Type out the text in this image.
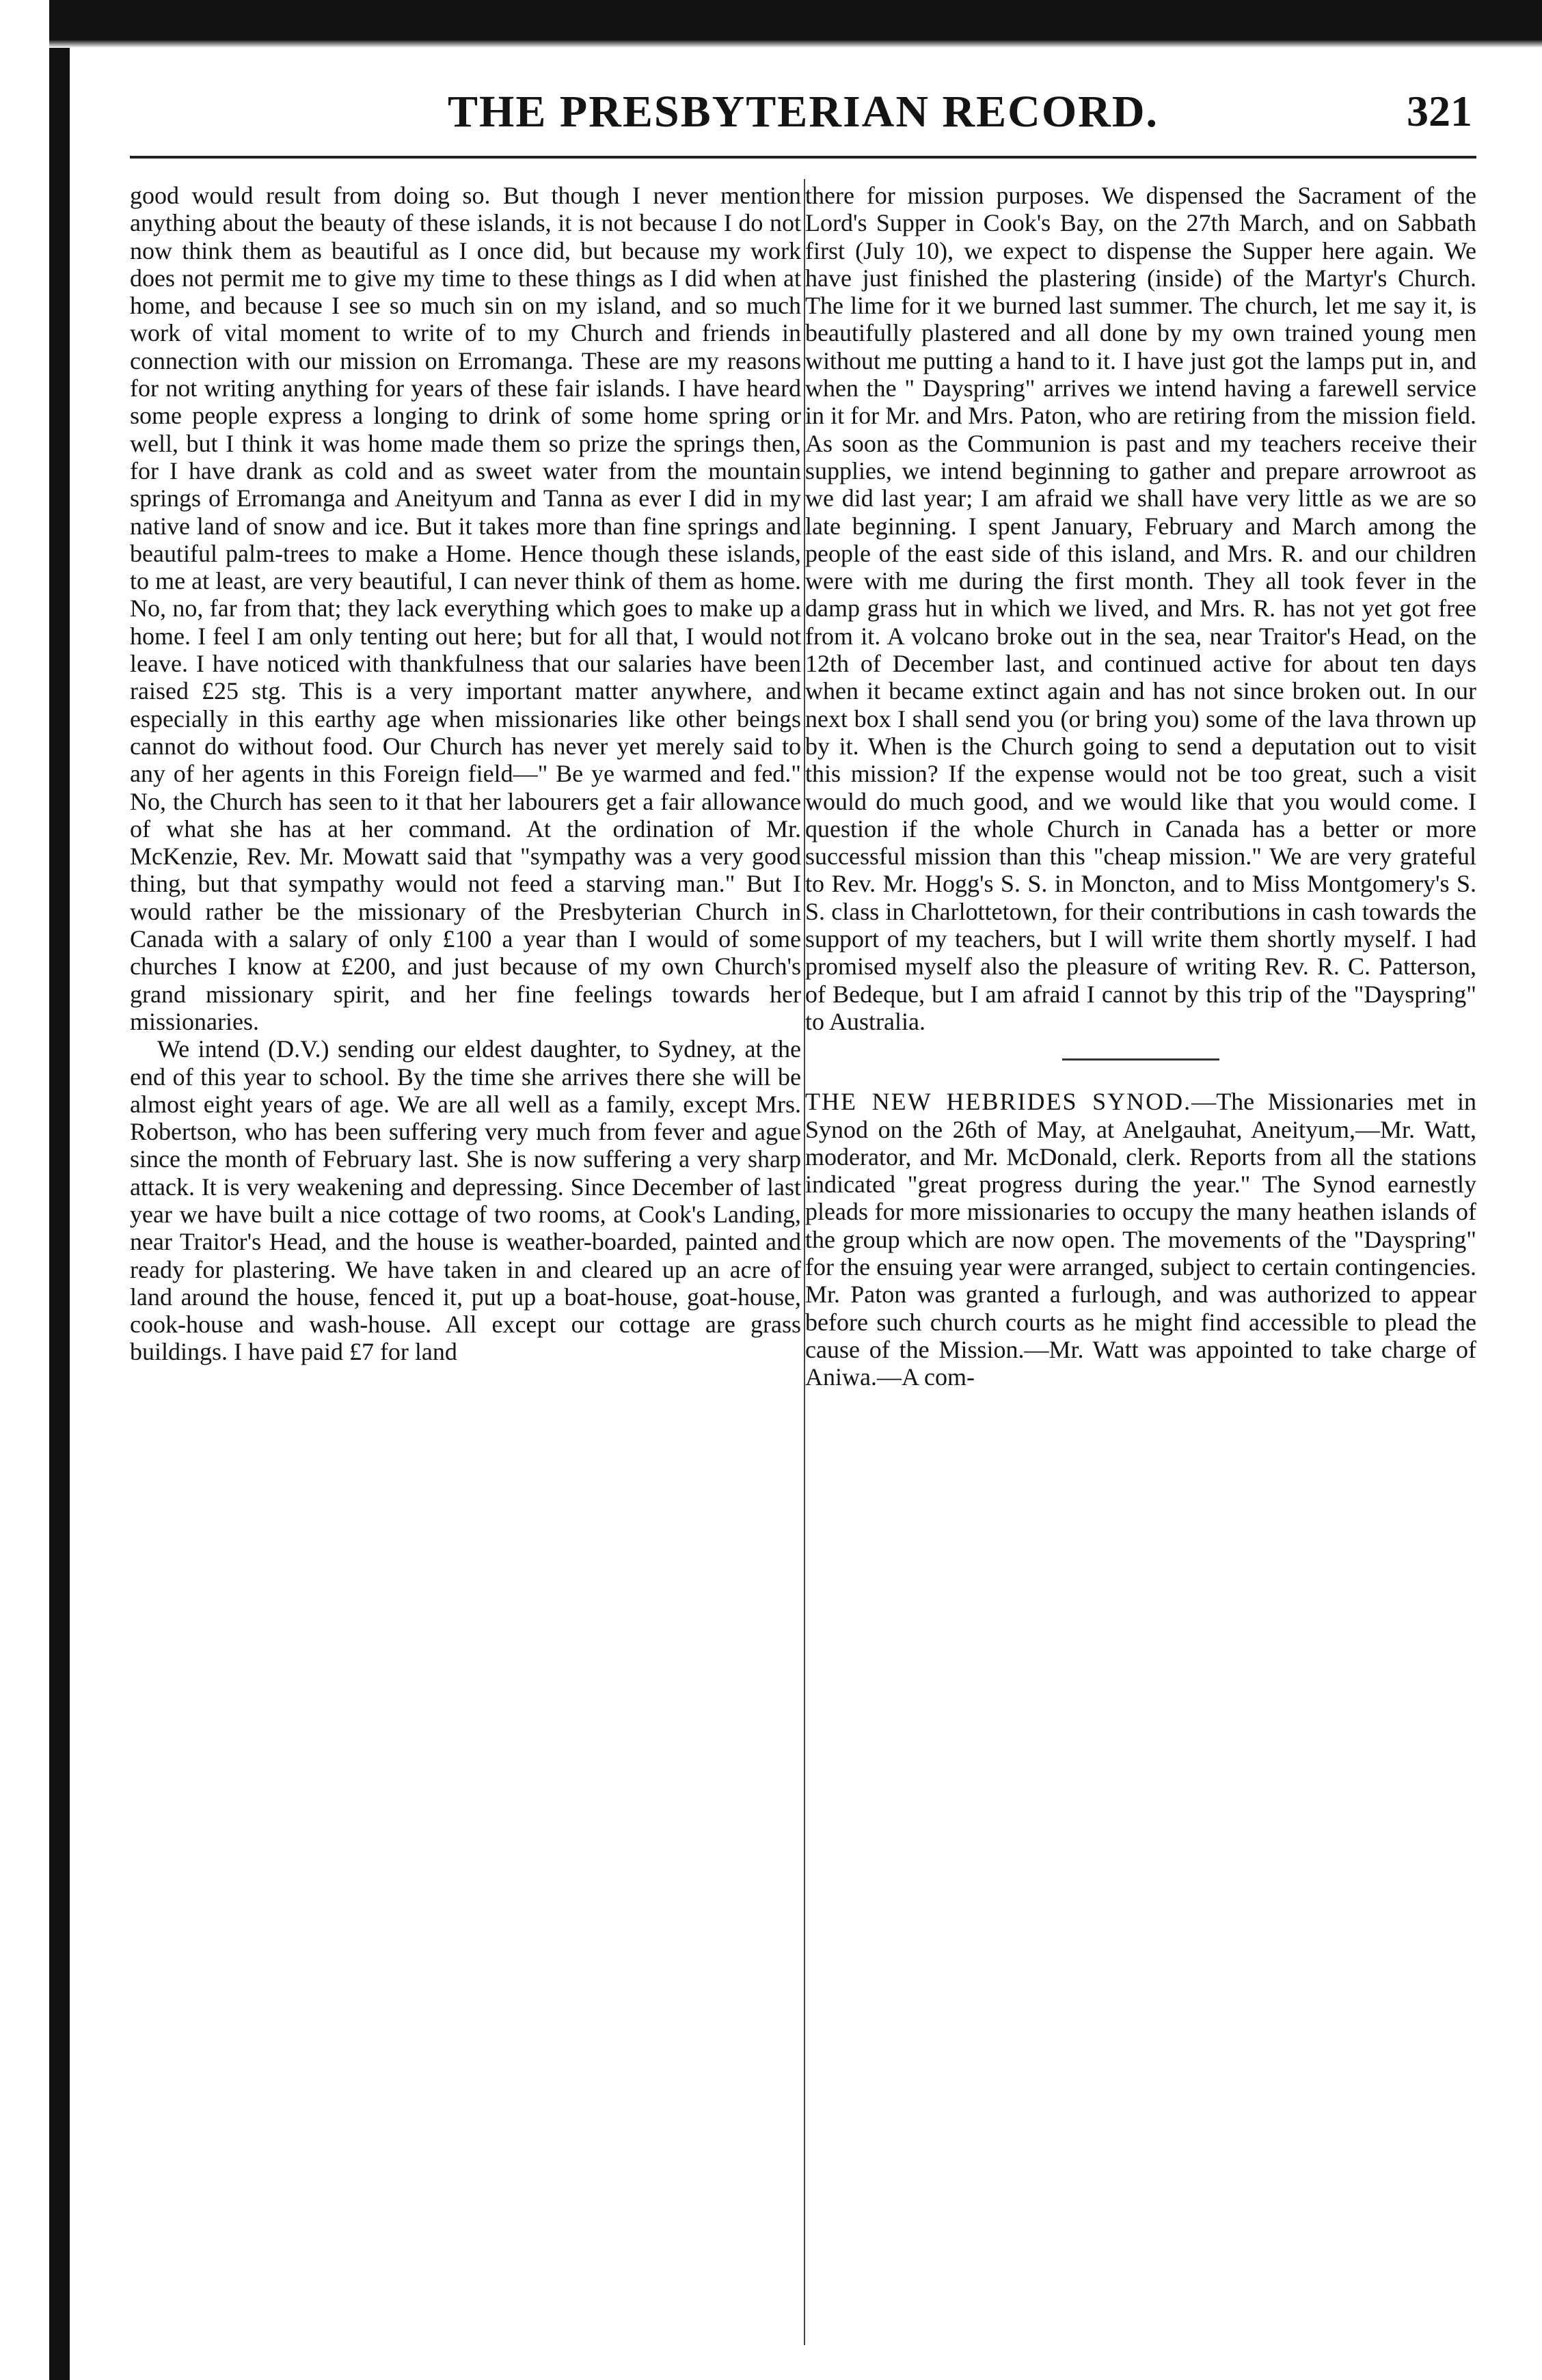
THE PRESBYTERIAN RECORD.	321

good would result from doing so. But though I never mention anything about the beauty of these islands, it is not because I do not now think them as beautiful as I once did, but because my work does not permit me to give my time to these things as I did when at home, and because I see so much sin on my island, and so much work of vital moment to write of to my Church and friends in connection with our mission on Erromanga. These are my reasons for not writing anything for years of these fair islands. I have heard some people express a longing to drink of some home spring or well, but I think it was home made them so prize the springs then, for I have drank as cold and as sweet water from the mountain springs of Erromanga and Aneityum and Tanna as ever I did in my native land of snow and ice. But it takes more than fine springs and beautiful palm-trees to make a Home. Hence though these islands, to me at least, are very beautiful, I can never think of them as home. No, no, far from that; they lack everything which goes to make up a home. I feel I am only tenting out here; but for all that, I would not leave. I have noticed with thankfulness that our salaries have been raised £25 stg. This is a very important matter anywhere, and especially in this earthy age when missionaries like other beings cannot do without food. Our Church has never yet merely said to any of her agents in this Foreign field—" Be ye warmed and fed." No, the Church has seen to it that her labourers get a fair allowance of what she has at her command. At the ordination of Mr. McKenzie, Rev. Mr. Mowatt said that "sympathy was a very good thing, but that sympathy would not feed a starving man." But I would rather be the missionary of the Presbyterian Church in Canada with a salary of only £100 a year than I would of some churches I know at £200, and just because of my own Church's grand missionary spirit, and her fine feelings towards her missionaries.

We intend (D.V.) sending our eldest daughter, to Sydney, at the end of this year to school. By the time she arrives there she will be almost eight years of age. We are all well as a family, except Mrs. Robertson, who has been suffering very much from fever and ague since the month of February last. She is now suffering a very sharp attack. It is very weakening and depressing. Since December of last year we have built a nice cottage of two rooms, at Cook's Landing, near Traitor's Head, and the house is weather-boarded, painted and ready for plastering. We have taken in and cleared up an acre of land around the house, fenced it, put up a boat-house, goat-house, cook-house and wash-house. All except our cottage are grass buildings. I have paid £7 for land

there for mission purposes. We dispensed the Sacrament of the Lord's Supper in Cook's Bay, on the 27th March, and on Sabbath first (July 10), we expect to dispense the Supper here again. We have just finished the plastering (inside) of the Martyr's Church. The lime for it we burned last summer. The church, let me say it, is beautifully plastered and all done by my own trained young men without me putting a hand to it. I have just got the lamps put in, and when the " Dayspring" arrives we intend having a farewell service in it for Mr. and Mrs. Paton, who are retiring from the mission field. As soon as the Communion is past and my teachers receive their supplies, we intend beginning to gather and prepare arrowroot as we did last year; I am afraid we shall have very little as we are so late beginning. I spent January, February and March among the people of the east side of this island, and Mrs. R. and our children were with me during the first month. They all took fever in the damp grass hut in which we lived, and Mrs. R. has not yet got free from it. A volcano broke out in the sea, near Traitor's Head, on the 12th of December last, and continued active for about ten days when it became extinct again and has not since broken out. In our next box I shall send you (or bring you) some of the lava thrown up by it. When is the Church going to send a deputation out to visit this mission? If the expense would not be too great, such a visit would do much good, and we would like that you would come. I question if the whole Church in Canada has a better or more successful mission than this "cheap mission." We are very grateful to Rev. Mr. Hogg's S. S. in Moncton, and to Miss Montgomery's S. S. class in Charlottetown, for their contributions in cash towards the support of my teachers, but I will write them shortly myself. I had promised myself also the pleasure of writing Rev. R. C. Patterson, of Bedeque, but I am afraid I cannot by this trip of the "Dayspring" to Australia.

THE NEW HEBRIDES SYNOD.—The Missionaries met in Synod on the 26th of May, at Anelgauhat, Aneityum,—Mr. Watt, moderator, and Mr. McDonald, clerk. Reports from all the stations indicated "great progress during the year." The Synod earnestly pleads for more missionaries to occupy the many heathen islands of the group which are now open. The movements of the "Dayspring" for the ensuing year were arranged, subject to certain contingencies. Mr. Paton was granted a furlough, and was authorized to appear before such church courts as he might find accessible to plead the cause of the Mission.—Mr. Watt was appointed to take charge of Aniwa.—A com-
